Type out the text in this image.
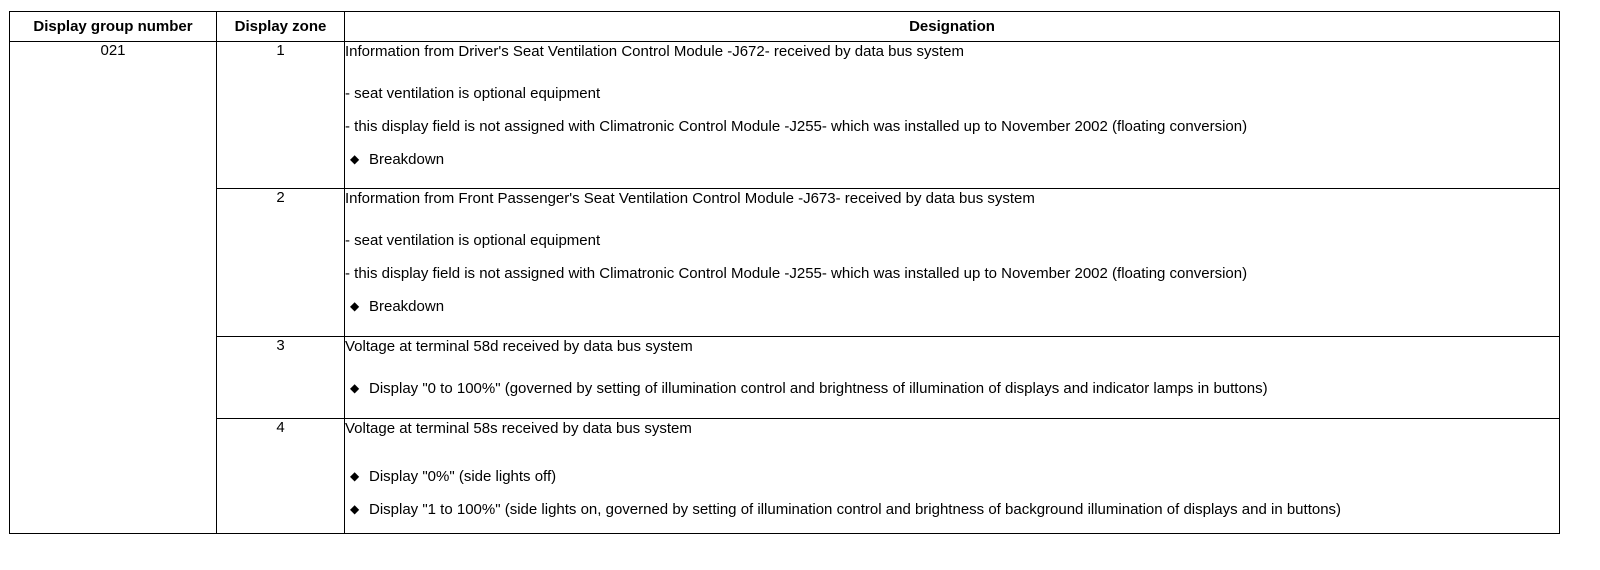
Display group number	Display zone	Designation
021	1	Information from Driver's Seat Ventilation Control Module -J672- received by data bus system
- seat ventilation is optional equipment
- this display field is not assigned with Climatronic Control Module -J255- which was installed up to November 2002 (floating conversion)
◆ Breakdown

	2	Information from Front Passenger's Seat Ventilation Control Module -J673- received by data bus system
- seat ventilation is optional equipment
- this display field is not assigned with Climatronic Control Module -J255- which was installed up to November 2002 (floating conversion)
◆ Breakdown

	3	Voltage at terminal 58d received by data bus system
◆ Display "0 to 100%" (governed by setting of illumination control and brightness of illumination of displays and indicator lamps in buttons)

	4	Voltage at terminal 58s received by data bus system
◆ Display "0%" (side lights off)
◆ Display "1 to 100%" (side lights on, governed by setting of illumination control and brightness of background illumination of displays and in buttons)
